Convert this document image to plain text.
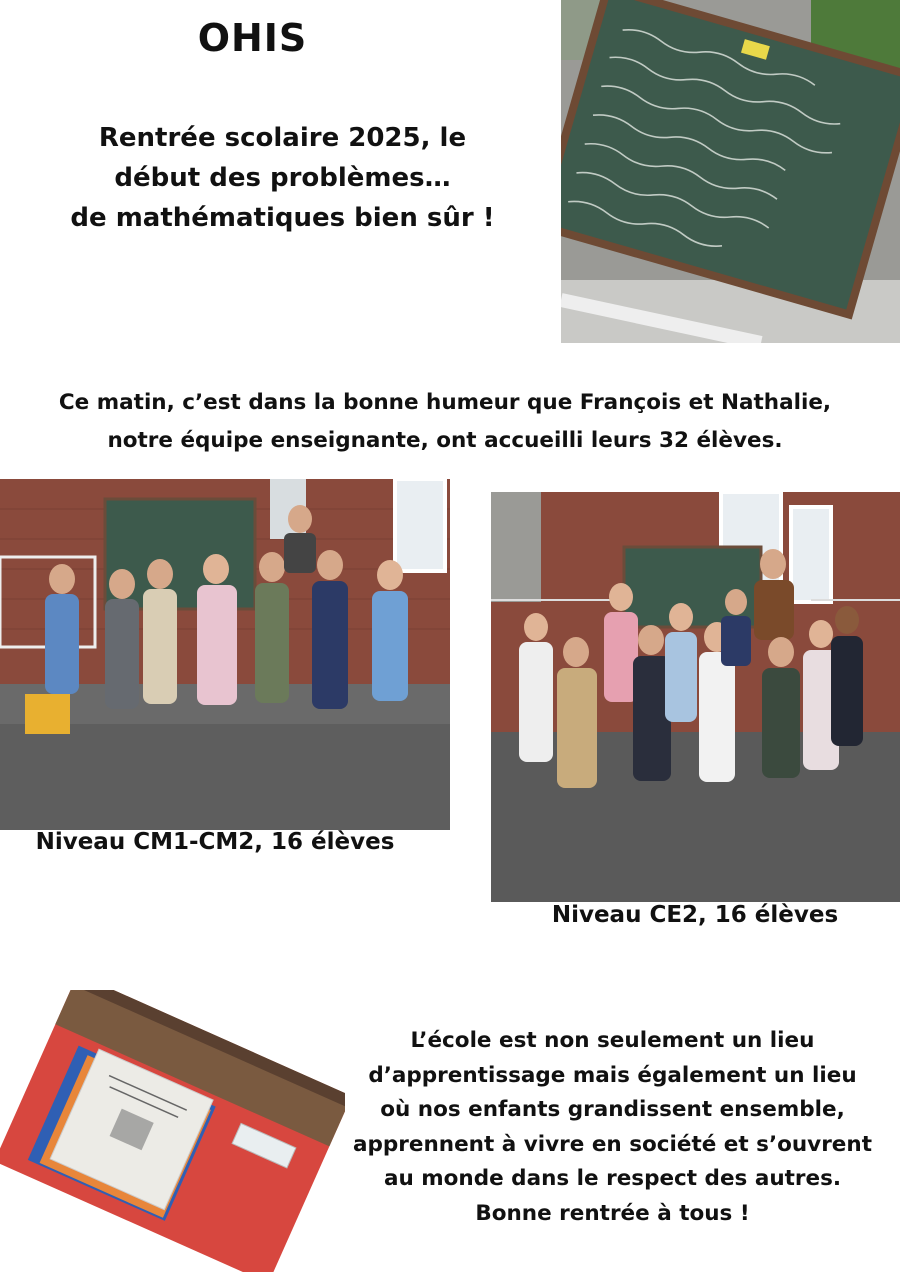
OHIS
Rentrée scolaire 2025, le
début des problèmes…
de mathématiques bien sûr !
Ce matin, c’est dans la bonne humeur que François et Nathalie,
notre équipe enseignante, ont accueilli leurs 32 élèves.
Niveau CM1-CM2, 16 élèves
Niveau CE2, 16 élèves
L’école est non seulement un lieu
d’apprentissage mais également un lieu
où nos enfants grandissent ensemble,
apprennent à vivre en société et s’ouvrent
au monde dans le respect des autres.
Bonne rentrée à tous !
